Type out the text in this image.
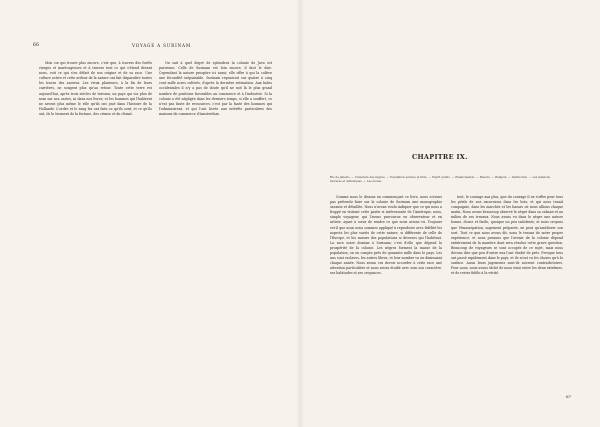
66	VOYAGE A SURINAM

Mon cœ qui trouve plus encore, c'est que, à travers des forêts vierges et marécageuses et à travers tout ce qui s'étend devant nous, voit ce qui s'en défait de son origine et de sa race. Une culture active et cette ardeur de la nature ont fait disparaître toutes les traces des anciens. Les vieux planteurs, à la fin de leurs carrières, ne songent plus qu'au retour. Toute cette terre est aujourd'hui, après trois siècles de travaux, un pays qui n'a plus de nom sur nos cartes, ni dans nos livres; et les hommes qui l'habitent ne savent plus même le rôle qu'ils ont joué dans l'histoire de la Hollande. L'ordre et le sang les ont faits ce qu'ils sont; et ce qu'ils ont, ils le tiennent de la fortune, des crimes et du climat.

On sait à quel degré de splendeur la colonie de Java est parvenue. Celle de Surinam est loin encore, il faut le dire. Cependant la nature prospère ici aussi; elle offre à qui la cultive une fécondité inépuisable. Surinam reposerait sur quatre à cinq cent mille acres cultivés, d'après la dernière estimation. Aux Indes occidentales il n'y a pas de doute qu'il ne soit là le plus grand nombre de positions favorables au commerce et à l'industrie. Si la colonie a été négligée dans les derniers temps, si elle a souffert, ce n'est pas faute de ressources, c'est par la faute des hommes qui l'administrent, et qui l'ont livrée aux intérêts particuliers des maisons de commerce d'Amsterdam.

CHAPITRE IX.
Rio de Janeiro. — Caractère des nègres. — Population esclave et libre. — Esprit public. — Émancipation. — Mœurs. — Religion. — Instruction. — Les missions moraves et catholiques. — Les écoles.

Comme nous le disions en commençant ce livre, nous n'avons pas prétendu faire sur la colonie de Surinam une monographie savante et détaillée. Nous n'avons voulu indiquer que ce qui nous a frappé en visitant cette partie si intéressante de l'Amérique, nous, simple voyageur, qui l'avons parcourue en observateur et en artiste, ayant à cœur de rendre ce que nous avions vu. Toujours est-il que nous nous sommes appliqué à reproduire avec fidélité les aspects les plus variés de cette nature, si différente de celle de l'Europe, et les mœurs des populations si diverses qui l'habitent. La race noire domine à Surinam; c'est d'elle que dépend la prospérité de la colonie. Les nègres forment la masse de la population; on en compte près de quarante mille dans le pays. Les uns sont esclaves, les autres libres, et leur nombre va en diminuant chaque année. Nous avons cru devoir accorder à cette race une attention particulière et nous avons étudié avec soin son caractère, ses habitudes et ses croyances.

tout, le courage aux plus, que du courage il ne s'offre pour tous les périls de nos excursions dans les bois, et qui nous tenait compagnie, dans les marchés et les bazars où nous allions chaque matin. Nous avons beaucoup observé le nègre dans sa cabane et au milieu de ses travaux. Nous avons vu dans le nègre une nature bonne, douce et facile, quoique un peu indolente; et nous croyons que l'émancipation, sagement préparée, ne peut qu'améliorer son sort. Tout ce que nous avons dit, nous le tenons de notre propre expérience; et nous pensons que l'avenir de la colonie dépend entièrement de la manière dont sera résolue cette grave question. Beaucoup de voyageurs se sont occupés de ce sujet, mais nous devons dire que peu d'entre eux l'ont étudié de près. Presque tous ont passé rapidement dans le pays, et ils n'ont vu les choses qu'à la surface. Aussi leurs jugements sont-ils souvent contradictoires. Pour nous, nous avons tâché de nous tenir entre les deux extrêmes, et de rester fidèle à la vérité.

67
